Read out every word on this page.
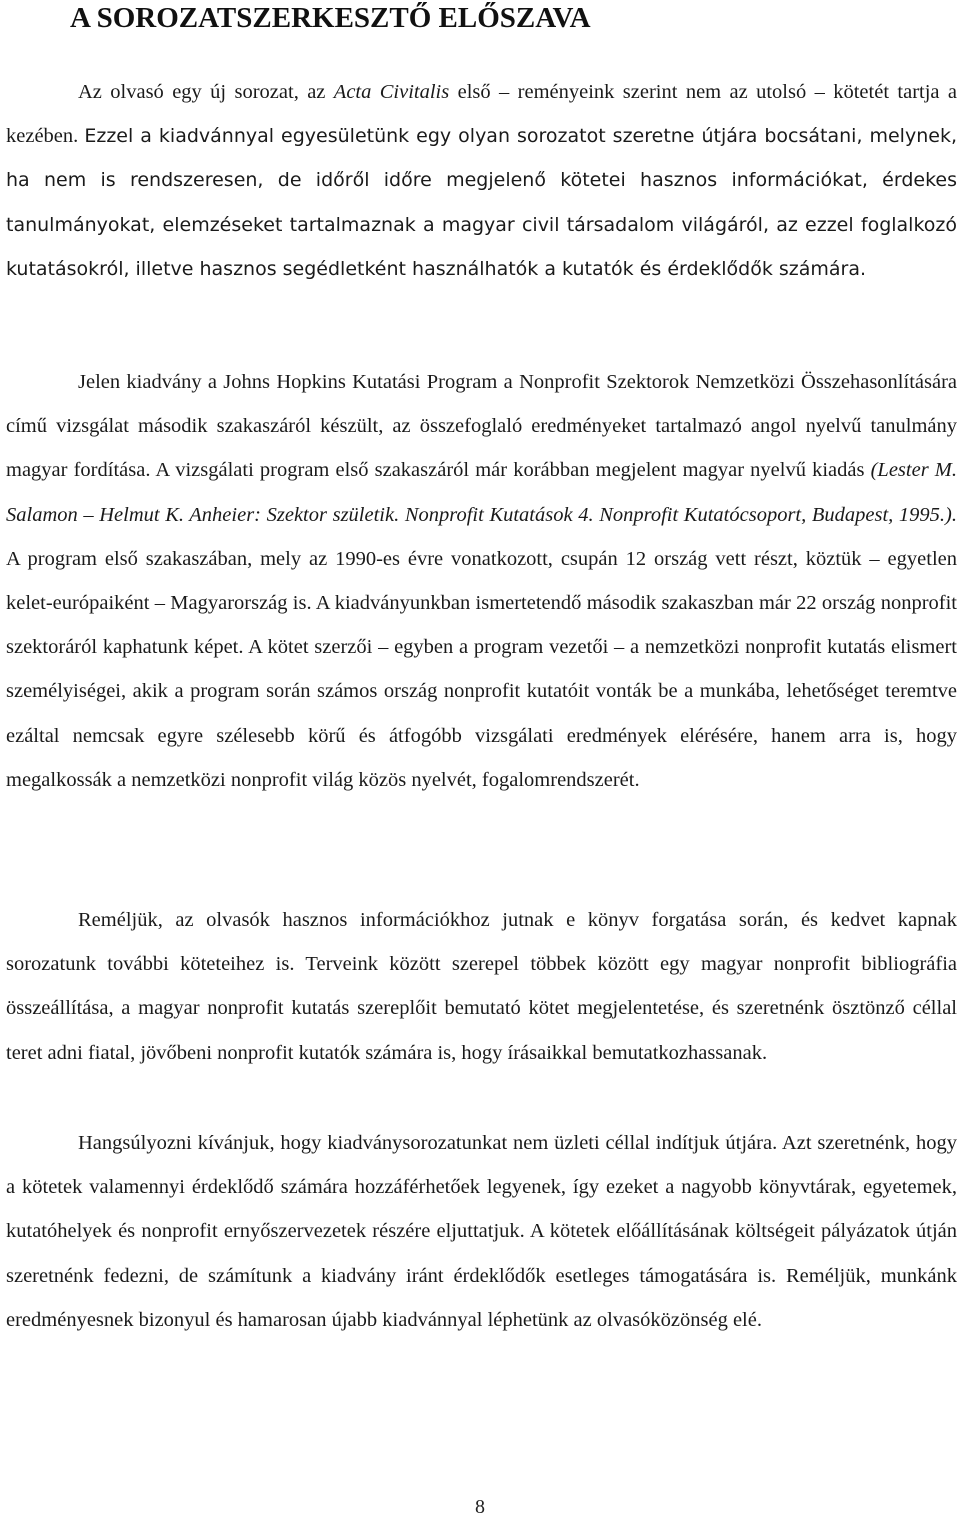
A SOROZATSZERKESZTŐ ELŐSZAVA

Az olvasó egy új sorozat, az Acta Civitalis első – reményeink szerint nem az utolsó – kötetét tartja a kezében. Ezzel a kiadvánnyal egyesületünk egy olyan sorozatot szeretne útjára bocsátani, melynek, ha nem is rendszeresen, de időről időre megjelenő kötetei hasznos információkat, érdekes tanulmányokat, elemzéseket tartalmaznak a magyar civil társadalom világáról, az ezzel foglalkozó kutatásokról, illetve hasznos segédletként használhatók a kutatók és érdeklődők számára.

Jelen kiadvány a Johns Hopkins Kutatási Program a Nonprofit Szektorok Nemzetközi Összehasonlítására című vizsgálat második szakaszáról készült, az összefoglaló eredményeket tartalmazó angol nyelvű tanulmány magyar fordítása. A vizsgálati program első szakaszáról már korábban megjelent magyar nyelvű kiadás (Lester M. Salamon – Helmut K. Anheier: Szektor születik. Nonprofit Kutatások 4. Nonprofit Kutatócsoport, Budapest, 1995.). A program első szakaszában, mely az 1990-es évre vonatkozott, csupán 12 ország vett részt, köztük – egyetlen kelet-európaiként – Magyarország is. A kiadványunkban ismertetendő második szakaszban már 22 ország nonprofit szektoráról kaphatunk képet. A kötet szerzői – egyben a program vezetői – a nemzetközi nonprofit kutatás elismert személyiségei, akik a program során számos ország nonprofit kutatóit vonták be a munkába, lehetőséget teremtve ezáltal nemcsak egyre szélesebb körű és átfogóbb vizsgálati eredmények elérésére, hanem arra is, hogy megalkossák a nemzetközi nonprofit világ közös nyelvét, fogalomrendszerét.

Reméljük, az olvasók hasznos információkhoz jutnak e könyv forgatása során, és kedvet kapnak sorozatunk további köteteihez is. Terveink között szerepel többek között egy magyar nonprofit bibliográfia összeállítása, a magyar nonprofit kutatás szereplőit bemutató kötet megjelentetése, és szeretnénk ösztönző céllal teret adni fiatal, jövőbeni nonprofit kutatók számára is, hogy írásaikkal bemutatkozhassanak.

Hangsúlyozni kívánjuk, hogy kiadványsorozatunkat nem üzleti céllal indítjuk útjára. Azt szeretnénk, hogy a kötetek valamennyi érdeklődő számára hozzáférhetőek legyenek, így ezeket a nagyobb könyvtárak, egyetemek, kutatóhelyek és nonprofit ernyőszervezetek részére eljuttatjuk. A kötetek előállításának költségeit pályázatok útján szeretnénk fedezni, de számítunk a kiadvány iránt érdeklődők esetleges támogatására is. Reméljük, munkánk eredményesnek bizonyul és hamarosan újabb kiadvánnyal léphetünk az olvasóközönség elé.

8
